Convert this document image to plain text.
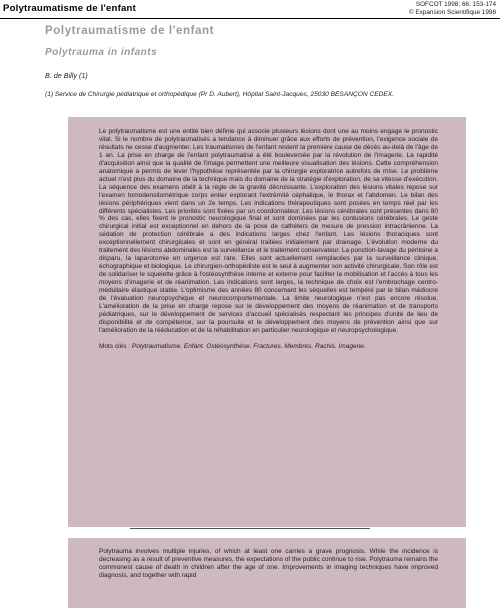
Polytraumatisme de l'enfant	SOFCOT 1998; 66: 153-174
© Expansion Scientifique 1998
Polytraumatisme de l'enfant
Polytrauma in infants
B. de Billy (1)
(1) Service de Chirurgie pédiatrique et orthopédique (Pr D. Aubert), Hôpital Saint-Jacques, 25030 BESANÇON CEDEX.

Le polytraumatisme est une entité bien définie qui associe plusieurs lésions dont une au moins engage le pronostic vital. Si le nombre de polytraumatisés a tendance à diminuer grâce aux efforts de prévention, l'exigence sociale de résultats ne cesse d'augmenter. Les traumatismes de l'enfant restent la première cause de décès au-delà de l'âge de 1 an. La prise en charge de l'enfant polytraumatisé a été bouleversée par la révolution de l'imagerie. La rapidité d'acquisition ainsi que la qualité de l'image permettent une meilleure visualisation des lésions. Cette compréhension anatomique a permis de lever l'hypothèse représentée par la chirurgie exploratrice autrefois de mise. Le problème actuel n'est plus du domaine de la technique mais du domaine de la stratégie d'exploration, de sa vitesse d'exécution. La séquence des examens obéit à la règle de la gravité décroissante. L'exploration des lésions vitales repose sur l'examen tomodensitométrique corps entier explorant l'extrémité céphalique, le thorax et l'abdomen. Le bilan des lésions périphériques vient dans un 2e temps. Les indications thérapeutiques sont posées en temps réel par les différents spécialistes. Les priorités sont fixées par un coordonnateur. Les lésions cérébrales sont présentes dans 80 % des cas, elles fixent le pronostic neurologique final et sont dominées par les contusions cérébrales. Le geste chirurgical initial est exceptionnel en dehors de la pose de cathéters de mesure de pression intracrânienne. La sédation de protection cérébrale a des indications larges chez l'enfant. Les lésions thoraciques sont exceptionnellement chirurgicales et sont en général traitées initialement par drainage. L'évolution moderne du traitement des lésions abdominales est la surveillance et le traitement conservateur. La ponction-lavage du péritoine a disparu, la laparotomie en urgence est rare. Elles sont actuellement remplacées par la surveillance clinique, échographique et biologique. Le chirurgien-orthopédiste est le seul à augmenter son activité chirurgicale. Son rôle est de solidariser le squelette grâce à l'ostéosynthèse interne et externe pour faciliter la mobilisation et l'accès à tous les moyens d'imagerie et de réanimation. Les indications sont larges, la technique de choix est l'embrochage centro-médullaire élastique stable. L'optimisme des années 80 concernant les séquelles est tempéré par le bilan médiocre de l'évaluation neuropsychique et neurocomportementale. La limite neurologique n'est pas encore résolue. L'amélioration de la prise en charge repose sur le développement des moyens de réanimation et de transports pédiatriques, sur le développement de services d'accueil spécialisés respectant les principes d'unité de lieu de disponibilité et de compétence, sur la poursuite et le développement des moyens de prévention ainsi que sur l'amélioration de la rééducation et de la réhabilitation en particulier neurologique et neuropsychologique.

Mots clés : Polytraumatisme. Enfant. Ostéosynthèse. Fractures. Membres. Rachis. Imagerie.

Polytrauma involves multiple injuries, of which at least one carries a grave prognosis. While the incidence is decreasing as a result of preventive measures, the expectations of the public continue to rise. Polytrauma remains the commonest cause of death in children after the age of one. Improvements in imaging techniques have improved diagnosis, and together with rapid
